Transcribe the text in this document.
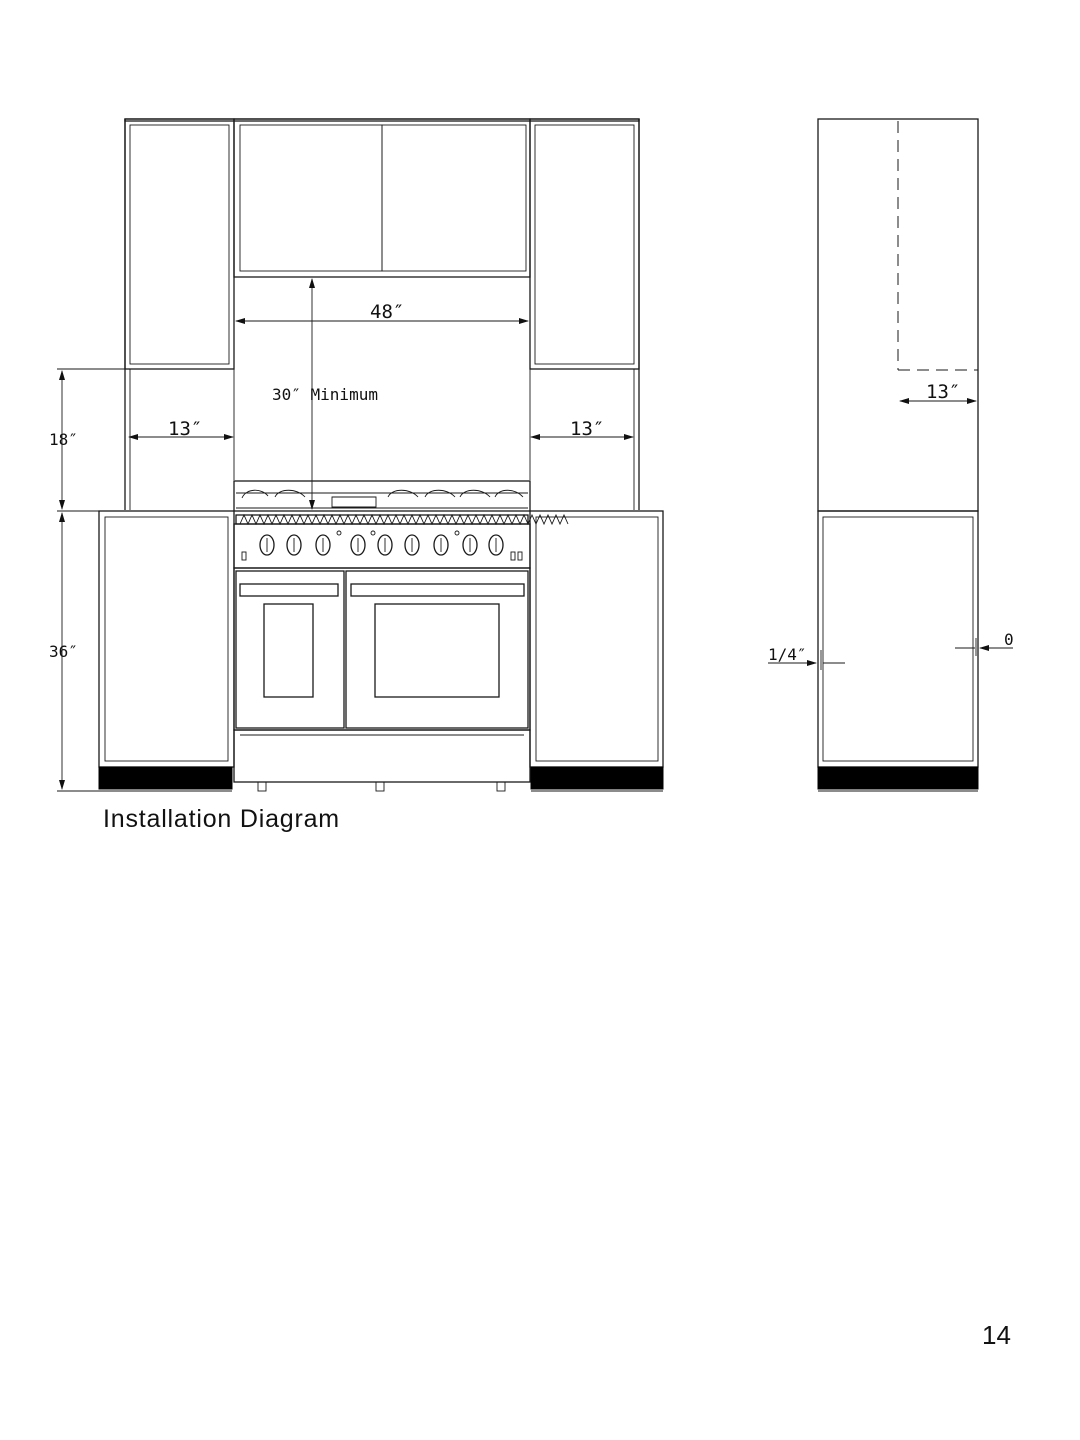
48″
30″ Minimum
13″	13″
18″
36″
13″
1/4″
0
Installation Diagram
14
